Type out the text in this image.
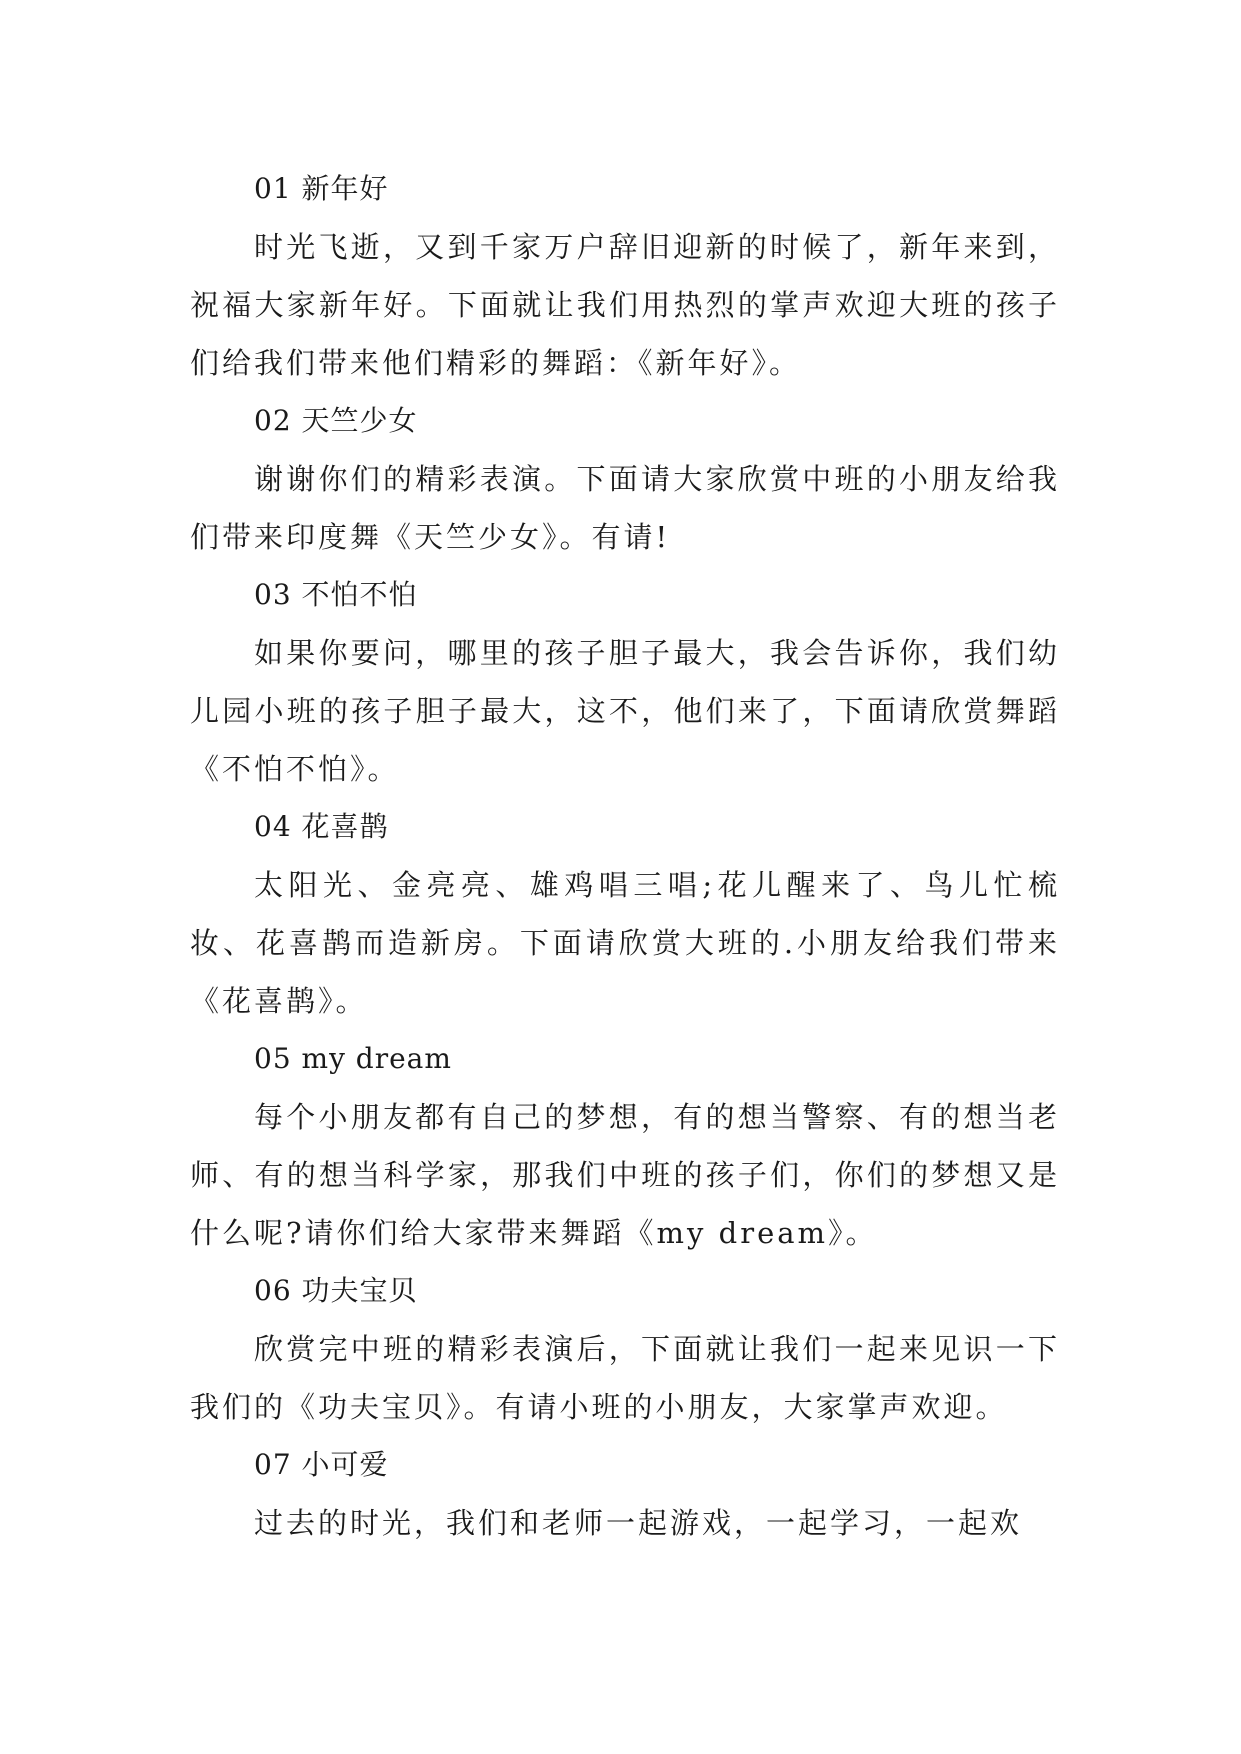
01 新年好

时光飞逝，又到千家万户辞旧迎新的时候了，新年来到，祝福大家新年好。下面就让我们用热烈的掌声欢迎大班的孩子们给我们带来他们精彩的舞蹈：《新年好》。

02 天竺少女

谢谢你们的精彩表演。下面请大家欣赏中班的小朋友给我们带来印度舞《天竺少女》。有请!

03 不怕不怕

如果你要问，哪里的孩子胆子最大，我会告诉你，我们幼儿园小班的孩子胆子最大，这不，他们来了，下面请欣赏舞蹈《不怕不怕》。

04 花喜鹊

太阳光、金亮亮、雄鸡唱三唱;花儿醒来了、鸟儿忙梳妆、花喜鹊而造新房。下面请欣赏大班的.小朋友给我们带来《花喜鹊》。

05 my dream

每个小朋友都有自己的梦想，有的想当警察、有的想当老师、有的想当科学家，那我们中班的孩子们，你们的梦想又是什么呢?请你们给大家带来舞蹈《my dream》。

06 功夫宝贝

欣赏完中班的精彩表演后，下面就让我们一起来见识一下我们的《功夫宝贝》。有请小班的小朋友，大家掌声欢迎。

07 小可爱

过去的时光，我们和老师一起游戏，一起学习，一起欢
